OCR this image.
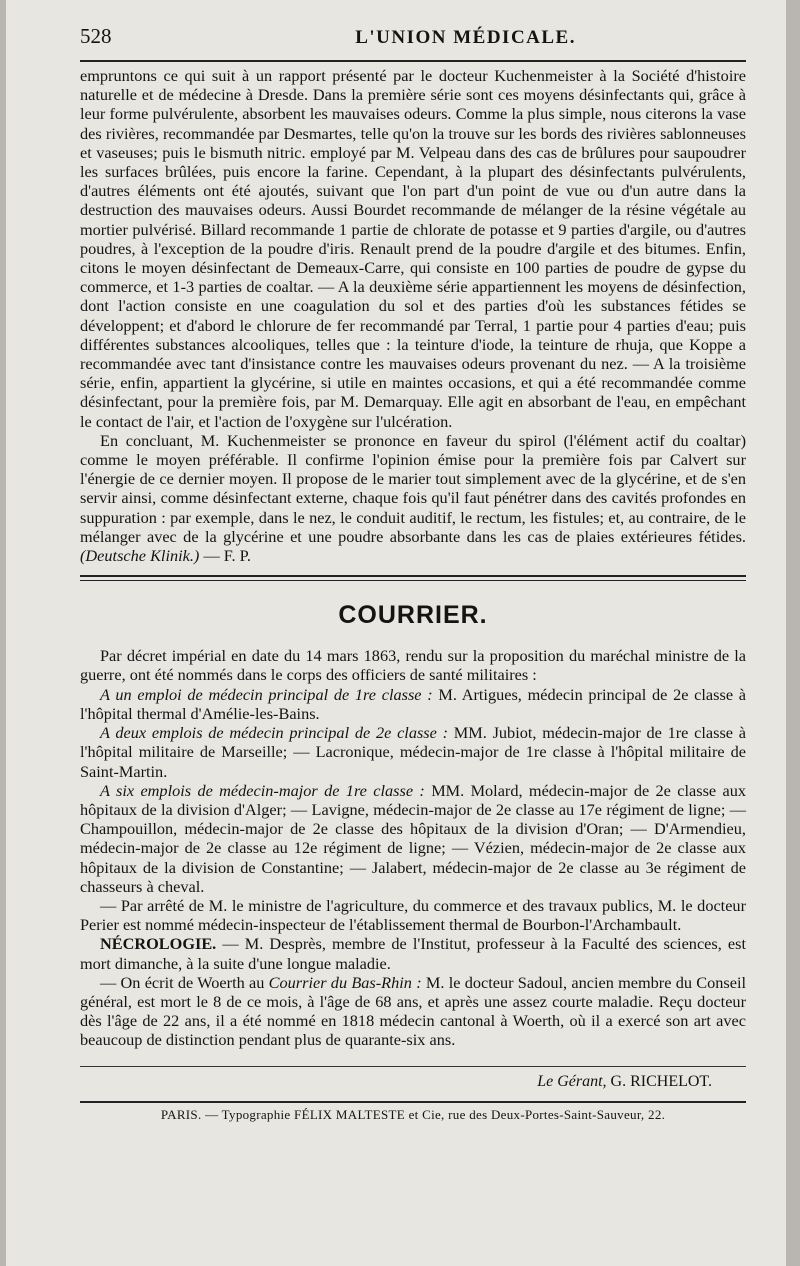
528	L'UNION MÉDICALE.

empruntons ce qui suit à un rapport présenté par le docteur Kuchenmeister à la Société d'histoire naturelle et de médecine à Dresde. Dans la première série sont ces moyens désinfectants qui, grâce à leur forme pulvérulente, absorbent les mauvaises odeurs. Comme la plus simple, nous citerons la vase des rivières, recommandée par Desmartes, telle qu'on la trouve sur les bords des rivières sablonneuses et vaseuses; puis le bismuth nitric. employé par M. Velpeau dans des cas de brûlures pour saupoudrer les surfaces brûlées, puis encore la farine. Cependant, à la plupart des désinfectants pulvérulents, d'autres éléments ont été ajoutés, suivant que l'on part d'un point de vue ou d'un autre dans la destruction des mauvaises odeurs. Aussi Bourdet recommande de mélanger de la résine végétale au mortier pulvérisé. Billard recommande 1 partie de chlorate de potasse et 9 parties d'argile, ou d'autres poudres, à l'exception de la poudre d'iris. Renault prend de la poudre d'argile et des bitumes. Enfin, citons le moyen désinfectant de Demeaux-Carre, qui consiste en 100 parties de poudre de gypse du commerce, et 1-3 parties de coaltar. — A la deuxième série appartiennent les moyens de désinfection, dont l'action consiste en une coagulation du sol et des parties d'où les substances fétides se développent; et d'abord le chlorure de fer recommandé par Terral, 1 partie pour 4 parties d'eau; puis différentes substances alcooliques, telles que : la teinture d'iode, la teinture de rhuja, que Koppe a recommandée avec tant d'insistance contre les mauvaises odeurs provenant du nez. — A la troisième série, enfin, appartient la glycérine, si utile en maintes occasions, et qui a été recommandée comme désinfectant, pour la première fois, par M. Demarquay. Elle agit en absorbant de l'eau, en empêchant le contact de l'air, et l'action de l'oxygène sur l'ulcération.

En concluant, M. Kuchenmeister se prononce en faveur du spirol (l'élément actif du coaltar) comme le moyen préférable. Il confirme l'opinion émise pour la première fois par Calvert sur l'énergie de ce dernier moyen. Il propose de le marier tout simplement avec de la glycérine, et de s'en servir ainsi, comme désinfectant externe, chaque fois qu'il faut pénétrer dans des cavités profondes en suppuration : par exemple, dans le nez, le conduit auditif, le rectum, les fistules; et, au contraire, de le mélanger avec de la glycérine et une poudre absorbante dans les cas de plaies extérieures fétides. (Deutsche Klinik.) — F. P.

COURRIER.

Par décret impérial en date du 14 mars 1863, rendu sur la proposition du maréchal ministre de la guerre, ont été nommés dans le corps des officiers de santé militaires :

A un emploi de médecin principal de 1re classe : M. Artigues, médecin principal de 2e classe à l'hôpital thermal d'Amélie-les-Bains.

A deux emplois de médecin principal de 2e classe : MM. Jubiot, médecin-major de 1re classe à l'hôpital militaire de Marseille; — Lacronique, médecin-major de 1re classe à l'hôpital militaire de Saint-Martin.

A six emplois de médecin-major de 1re classe : MM. Molard, médecin-major de 2e classe aux hôpitaux de la division d'Alger; — Lavigne, médecin-major de 2e classe au 17e régiment de ligne; — Champouillon, médecin-major de 2e classe des hôpitaux de la division d'Oran; — D'Armendieu, médecin-major de 2e classe au 12e régiment de ligne; — Vézien, médecin-major de 2e classe aux hôpitaux de la division de Constantine; — Jalabert, médecin-major de 2e classe au 3e régiment de chasseurs à cheval.

— Par arrêté de M. le ministre de l'agriculture, du commerce et des travaux publics, M. le docteur Perier est nommé médecin-inspecteur de l'établissement thermal de Bourbon-l'Archambault.

NÉCROLOGIE. — M. Desprès, membre de l'Institut, professeur à la Faculté des sciences, est mort dimanche, à la suite d'une longue maladie.

— On écrit de Woerth au Courrier du Bas-Rhin : M. le docteur Sadoul, ancien membre du Conseil général, est mort le 8 de ce mois, à l'âge de 68 ans, et après une assez courte maladie. Reçu docteur dès l'âge de 22 ans, il a été nommé en 1818 médecin cantonal à Woerth, où il a exercé son art avec beaucoup de distinction pendant plus de quarante-six ans.

Le Gérant, G. RICHELOT.
PARIS. — Typographie FÉLIX MALTESTE et Cie, rue des Deux-Portes-Saint-Sauveur, 22.
